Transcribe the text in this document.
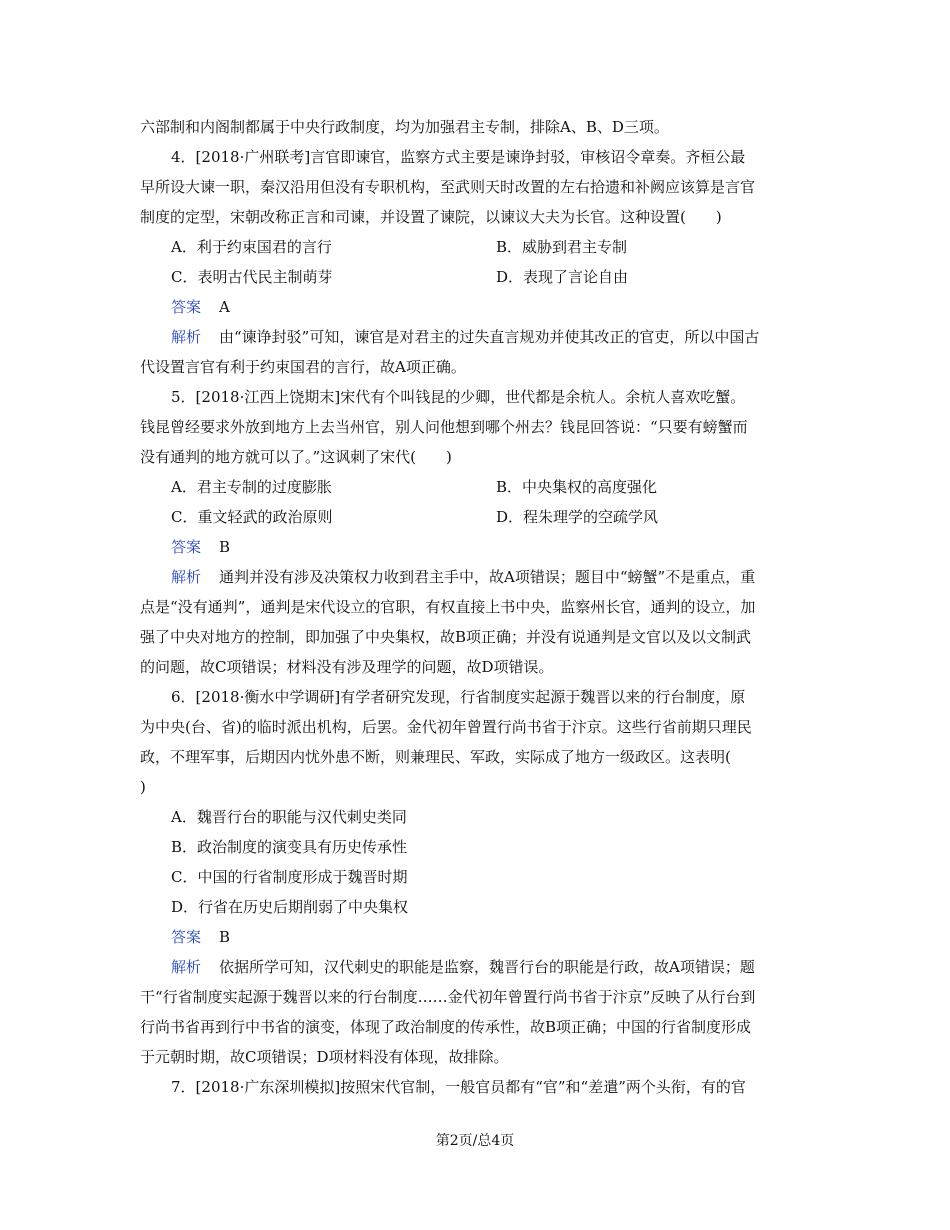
六部制和内阁制都属于中央行政制度，均为加强君主专制，排除A、B、D三项。
4．[2018·广州联考]言官即谏官，监察方式主要是谏诤封驳，审核诏令章奏。齐桓公最
早所设大谏一职，秦汉沿用但没有专职机构，至武则天时改置的左右拾遗和补阙应该算是言官
制度的定型，宋朝改称正言和司谏，并设置了谏院，以谏议大夫为长官。这种设置(　　)
A．利于约束国君的言行	B．威胁到君主专制
C．表明古代民主制萌芽	D．表现了言论自由
答案 A
解析 由“谏诤封驳”可知，谏官是对君主的过失直言规劝并使其改正的官吏，所以中国古
代设置言官有利于约束国君的言行，故A项正确。
5．[2018·江西上饶期末]宋代有个叫钱昆的少卿，世代都是余杭人。余杭人喜欢吃蟹。
钱昆曾经要求外放到地方上去当州官，别人问他想到哪个州去？钱昆回答说：“只要有螃蟹而
没有通判的地方就可以了。”这讽刺了宋代(　　)
A．君主专制的过度膨胀	B．中央集权的高度强化
C．重文轻武的政治原则	D．程朱理学的空疏学风
答案 B
解析 通判并没有涉及决策权力收到君主手中，故A项错误；题目中“螃蟹”不是重点，重
点是“没有通判”，通判是宋代设立的官职，有权直接上书中央，监察州长官，通判的设立，加
强了中央对地方的控制，即加强了中央集权，故B项正确；并没有说通判是文官以及以文制武
的问题，故C项错误；材料没有涉及理学的问题，故D项错误。
6．[2018·衡水中学调研]有学者研究发现，行省制度实起源于魏晋以来的行台制度，原
为中央(台、省)的临时派出机构，后罢。金代初年曾置行尚书省于汴京。这些行省前期只理民
政，不理军事，后期因内忧外患不断，则兼理民、军政，实际成了地方一级政区。这表明(
)
A．魏晋行台的职能与汉代刺史类同
B．政治制度的演变具有历史传承性
C．中国的行省制度形成于魏晋时期
D．行省在历史后期削弱了中央集权
答案 B
解析 依据所学可知，汉代刺史的职能是监察，魏晋行台的职能是行政，故A项错误；题
干“行省制度实起源于魏晋以来的行台制度……金代初年曾置行尚书省于汴京”反映了从行台到
行尚书省再到行中书省的演变，体现了政治制度的传承性，故B项正确；中国的行省制度形成
于元朝时期，故C项错误；D项材料没有体现，故排除。
7．[2018·广东深圳模拟]按照宋代官制，一般官员都有“官”和“差遣”两个头衔，有的官
第2页/总4页
